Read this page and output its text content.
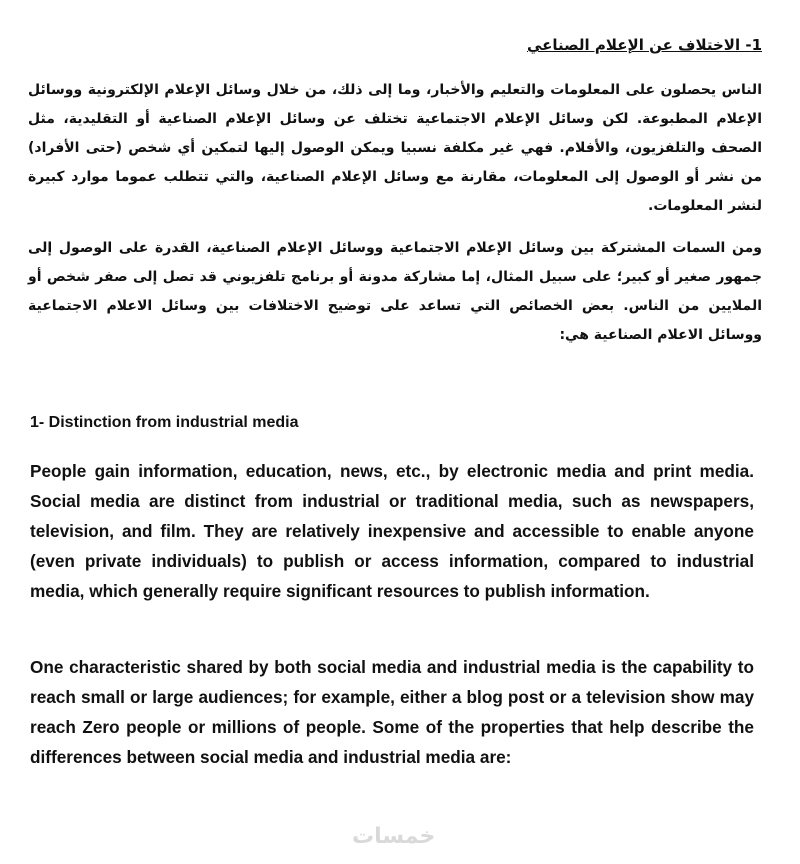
1- الاختلاف عن الإعلام الصناعي

الناس يحصلون على المعلومات والتعليم والأخبار، وما إلى ذلك، من خلال وسائل الإعلام الإلكترونية ووسائل الإعلام المطبوعة. لكن وسائل الإعلام الاجتماعية تختلف عن وسائل الإعلام الصناعية أو التقليدية، مثل الصحف والتلفزيون، والأفلام. فهي غير مكلفة نسبيا ويمكن الوصول إليها لتمكين أي شخص (حتى الأفراد) من نشر أو الوصول إلى المعلومات، مقارنة مع وسائل الإعلام الصناعية، والتي تتطلب عموما موارد كبيرة لنشر المعلومات.

ومن السمات المشتركة بين وسائل الإعلام الاجتماعية ووسائل الإعلام الصناعية، القدرة على الوصول إلى جمهور صغير أو كبير؛ على سبيل المثال، إما مشاركة مدونة أو برنامج تلفزيوني قد تصل إلى صفر شخص أو الملايين من الناس. بعض الخصائص التي تساعد على توضيح الاختلافات بين وسائل الاعلام الاجتماعية ووسائل الاعلام الصناعية هي:

1- Distinction from industrial media

People gain information, education, news, etc., by electronic media and print media. Social media are distinct from industrial or traditional media, such as newspapers, television, and film. They are relatively inexpensive and accessible to enable anyone (even private individuals) to publish or access information, compared to industrial media, which generally require significant resources to publish information.

One characteristic shared by both social media and industrial media is the capability to reach small or large audiences; for example, either a blog post or a television show may reach Zero people or millions of people. Some of the properties that help describe the differences between social media and industrial media are:

خمسات
